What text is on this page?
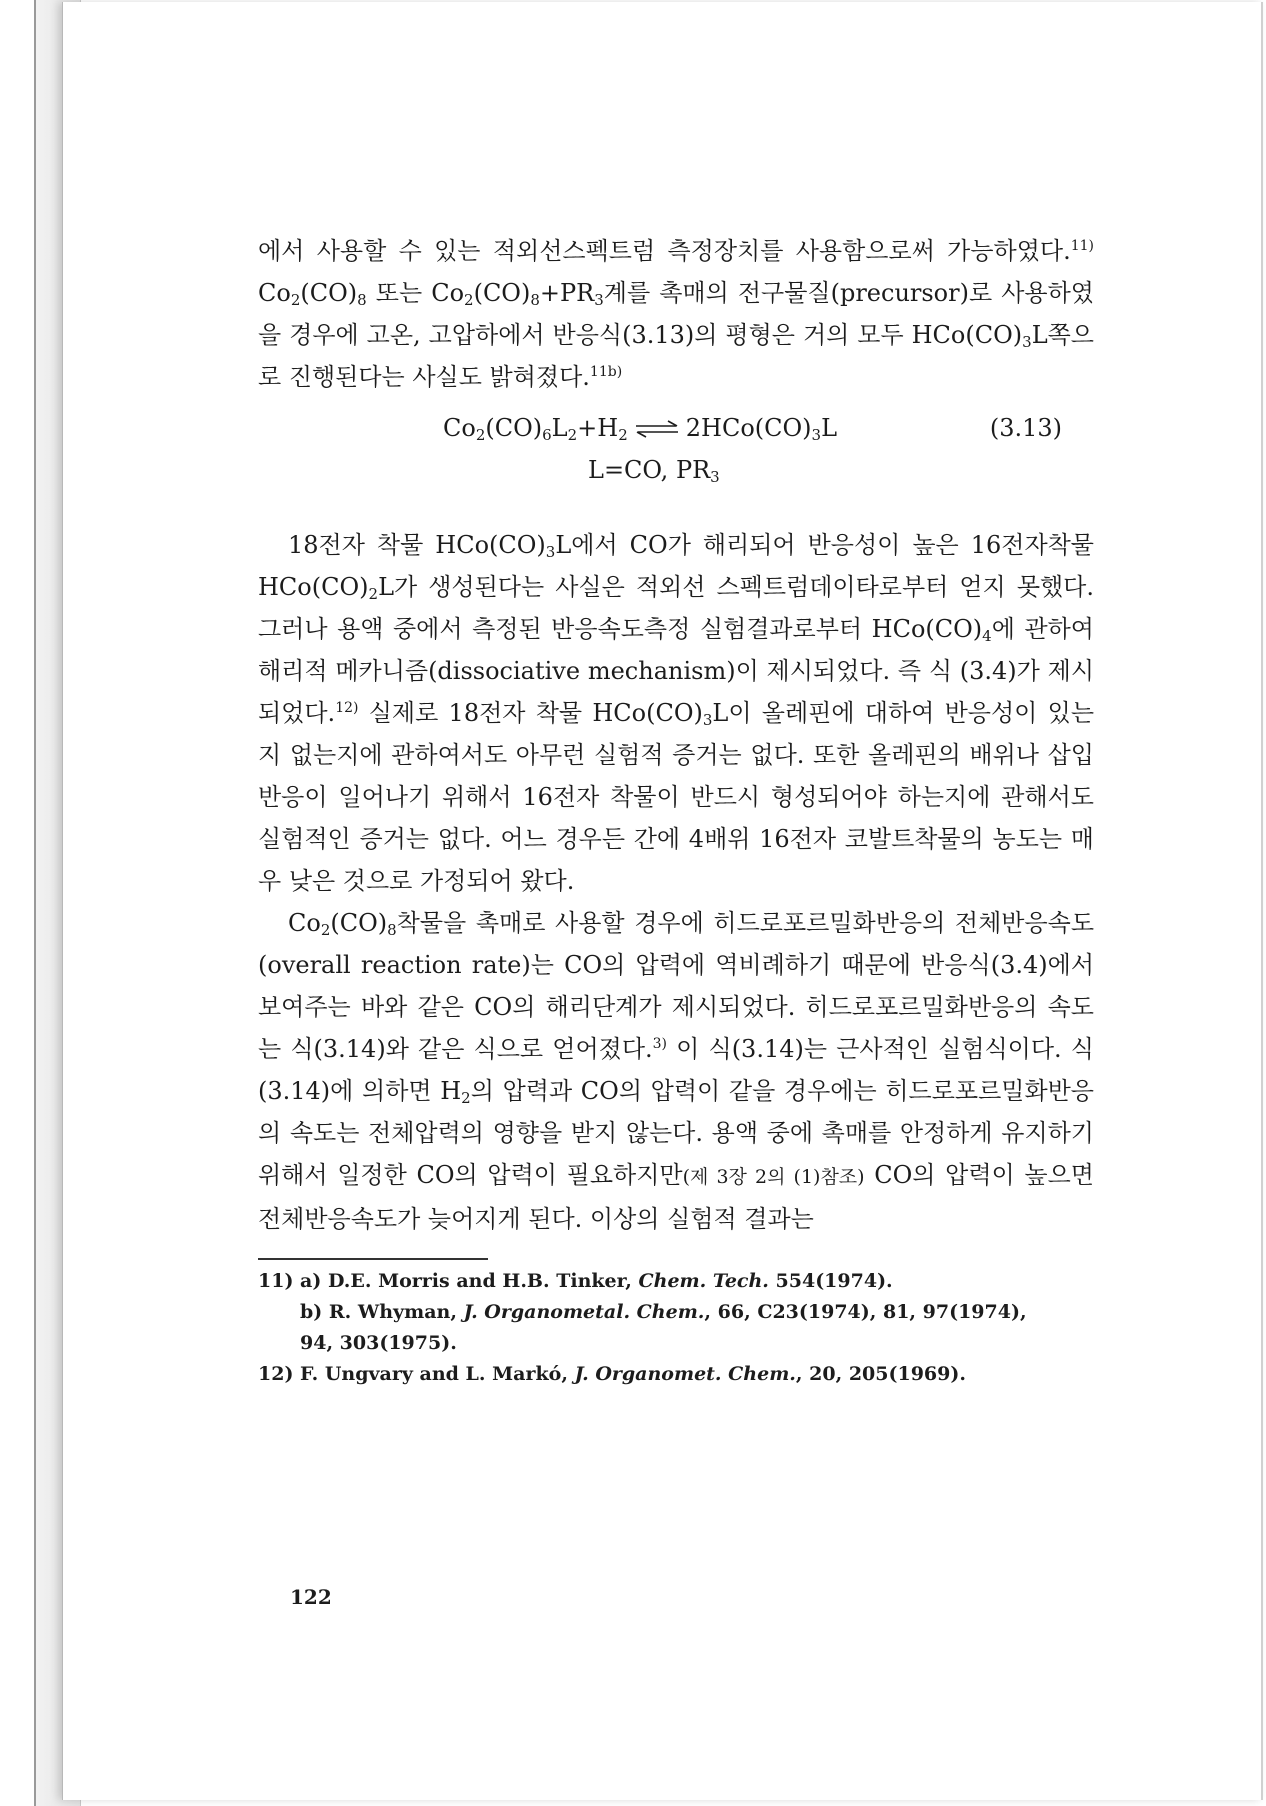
에서 사용할 수 있는 적외선스펙트럼 측정장치를 사용함으로써 가능하였다.$^{11)}$ $Co_2(CO)_8$ 또는 $Co_2(CO)_8+PR_3$계를 촉매의 전구물질(precursor)로 사용하였을 경우에 고온, 고압하에서 반응식(3.13)의 평형은 거의 모두 $HCo(CO)_3L$쪽으로 진행된다는 사실도 밝혀졌다.$^{11b)}$

$Co_2(CO)_6L_2+H_2$ ⇌ $2HCo(CO)_3L$	(3.13)
L=CO, $PR_3$

18전자 착물 $HCo(CO)_3L$에서 CO가 해리되어 반응성이 높은 16전자착물 $HCo(CO)_2L$가 생성된다는 사실은 적외선 스펙트럼데이타로부터 얻지 못했다. 그러나 용액 중에서 측정된 반응속도측정 실험결과로부터 $HCo(CO)_4$에 관하여 해리적 메카니즘(dissociative mechanism)이 제시되었다. 즉 식 (3.4)가 제시되었다.$^{12)}$ 실제로 18전자 착물 $HCo(CO)_3L$이 올레핀에 대하여 반응성이 있는지 없는지에 관하여서도 아무런 실험적 증거는 없다. 또한 올레핀의 배위나 삽입반응이 일어나기 위해서 16전자 착물이 반드시 형성되어야 하는지에 관해서도 실험적인 증거는 없다. 어느 경우든 간에 4배위 16전자 코발트착물의 농도는 매우 낮은 것으로 가정되어 왔다.

$Co_2(CO)_8$착물을 촉매로 사용할 경우에 히드로포르밀화반응의 전체반응속도(overall reaction rate)는 CO의 압력에 역비례하기 때문에 반응식(3.4)에서 보여주는 바와 같은 CO의 해리단계가 제시되었다. 히드로포르밀화반응의 속도는 식(3.14)와 같은 식으로 얻어졌다.$^{3)}$ 이 식(3.14)는 근사적인 실험식이다. 식(3.14)에 의하면 $H_2$의 압력과 CO의 압력이 같을 경우에는 히드로포르밀화반응의 속도는 전체압력의 영향을 받지 않는다. 용액 중에 촉매를 안정하게 유지하기 위해서 일정한 CO의 압력이 필요하지만(제 3장 2의 (1)참조) CO의 압력이 높으면 전체반응속도가 늦어지게 된다. 이상의 실험적 결과는

11) a) D.E. Morris and H.B. Tinker, Chem. Tech. 554(1974).

b) R. Whyman, J. Organometal. Chem., 66, C23(1974), 81, 97(1974),

94, 303(1975).

12) F. Ungvary and L. Markó, J. Organomet. Chem., 20, 205(1969).

122
